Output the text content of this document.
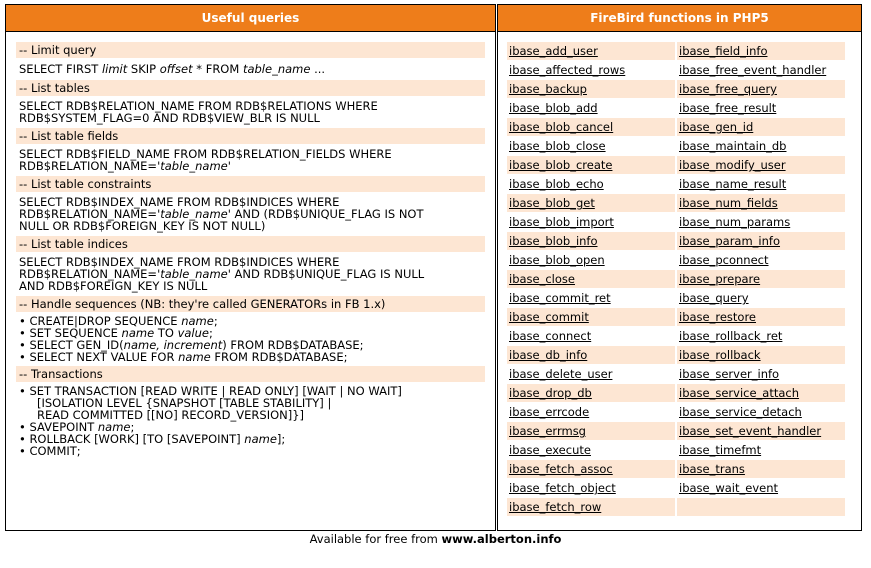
Useful queries
-- Limit query
SELECT FIRST limit SKIP offset * FROM table_name ...
-- List tables
SELECT RDB$RELATION_NAME FROM RDB$RELATIONS WHERE
RDB$SYSTEM_FLAG=0 AND RDB$VIEW_BLR IS NULL
-- List table fields
SELECT RDB$FIELD_NAME FROM RDB$RELATION_FIELDS WHERE
RDB$RELATION_NAME='table_name'
-- List table constraints
SELECT RDB$INDEX_NAME FROM RDB$INDICES WHERE
RDB$RELATION_NAME='table_name' AND (RDB$UNIQUE_FLAG IS NOT
NULL OR RDB$FOREIGN_KEY IS NOT NULL)
-- List table indices
SELECT RDB$INDEX_NAME FROM RDB$INDICES WHERE
RDB$RELATION_NAME='table_name' AND RDB$UNIQUE_FLAG IS NULL
AND RDB$FOREIGN_KEY IS NULL
-- Handle sequences (NB: they're called GENERATORs in FB 1.x)
• CREATE|DROP SEQUENCE name;
• SET SEQUENCE name TO value;
• SELECT GEN_ID(name, increment) FROM RDB$DATABASE;
• SELECT NEXT VALUE FOR name FROM RDB$DATABASE;
-- Transactions
• SET TRANSACTION [READ WRITE | READ ONLY] [WAIT | NO WAIT]
[ISOLATION LEVEL {SNAPSHOT [TABLE STABILITY] |
READ COMMITTED [[NO] RECORD_VERSION]}]
• SAVEPOINT name;
• ROLLBACK [WORK] [TO [SAVEPOINT] name];
• COMMIT;
FireBird functions in PHP5
ibase_add_user	ibase_field_info
ibase_affected_rows	ibase_free_event_handler
ibase_backup	ibase_free_query
ibase_blob_add	ibase_free_result
ibase_blob_cancel	ibase_gen_id
ibase_blob_close	ibase_maintain_db
ibase_blob_create	ibase_modify_user
ibase_blob_echo	ibase_name_result
ibase_blob_get	ibase_num_fields
ibase_blob_import	ibase_num_params
ibase_blob_info	ibase_param_info
ibase_blob_open	ibase_pconnect
ibase_close	ibase_prepare
ibase_commit_ret	ibase_query
ibase_commit	ibase_restore
ibase_connect	ibase_rollback_ret
ibase_db_info	ibase_rollback
ibase_delete_user	ibase_server_info
ibase_drop_db	ibase_service_attach
ibase_errcode	ibase_service_detach
ibase_errmsg	ibase_set_event_handler
ibase_execute	ibase_timefmt
ibase_fetch_assoc	ibase_trans
ibase_fetch_object	ibase_wait_event
ibase_fetch_row
Available for free from www.alberton.info
